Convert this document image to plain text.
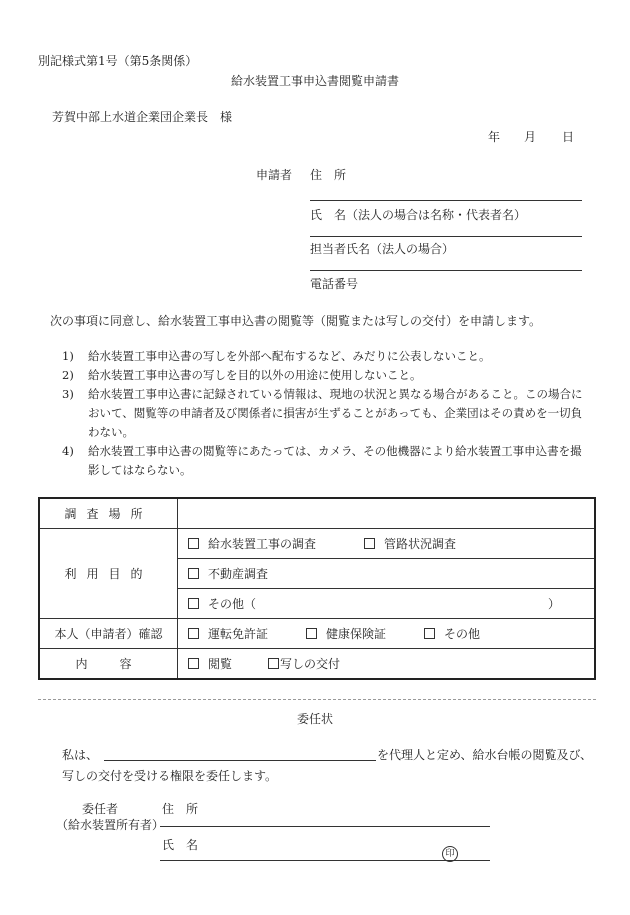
別記様式第1号（第5条関係）
給水装置工事申込書閲覧申請書
芳賀中部上水道企業団企業長　様
年 月 日
申請者 住　所
氏　名（法人の場合は名称・代表者名）
担当者氏名（法人の場合）
電話番号
次の事項に同意し、給水装置工事申込書の閲覧等（閲覧または写しの交付）を申請します。
1) 給水装置工事申込書の写しを外部へ配布するなど、みだりに公表しないこと。
2) 給水装置工事申込書の写しを目的以外の用途に使用しないこと。
3) 給水装置工事申込書に記録されている情報は、現地の状況と異なる場合があること。この場合において、閲覧等の申請者及び関係者に損害が生ずることがあっても、企業団はその責めを一切負わない。
4) 給水装置工事申込書の閲覧等にあたっては、カメラ、その他機器により給水装置工事申込書を撮影してはならない。
調査場所	
利用目的	給水装置工事の調査 管路状況調査
	不動産調査
	その他（ ）
本人（申請者）確認	運転免許証 健康保険証 その他
内　容	閲覧 写しの交付
委任状
私は、	を代理人と定め、給水台帳の閲覧及び、
写しの交付を受ける権限を委任します。
委任者
（給水装置所有者）
住　所
氏　名
印
